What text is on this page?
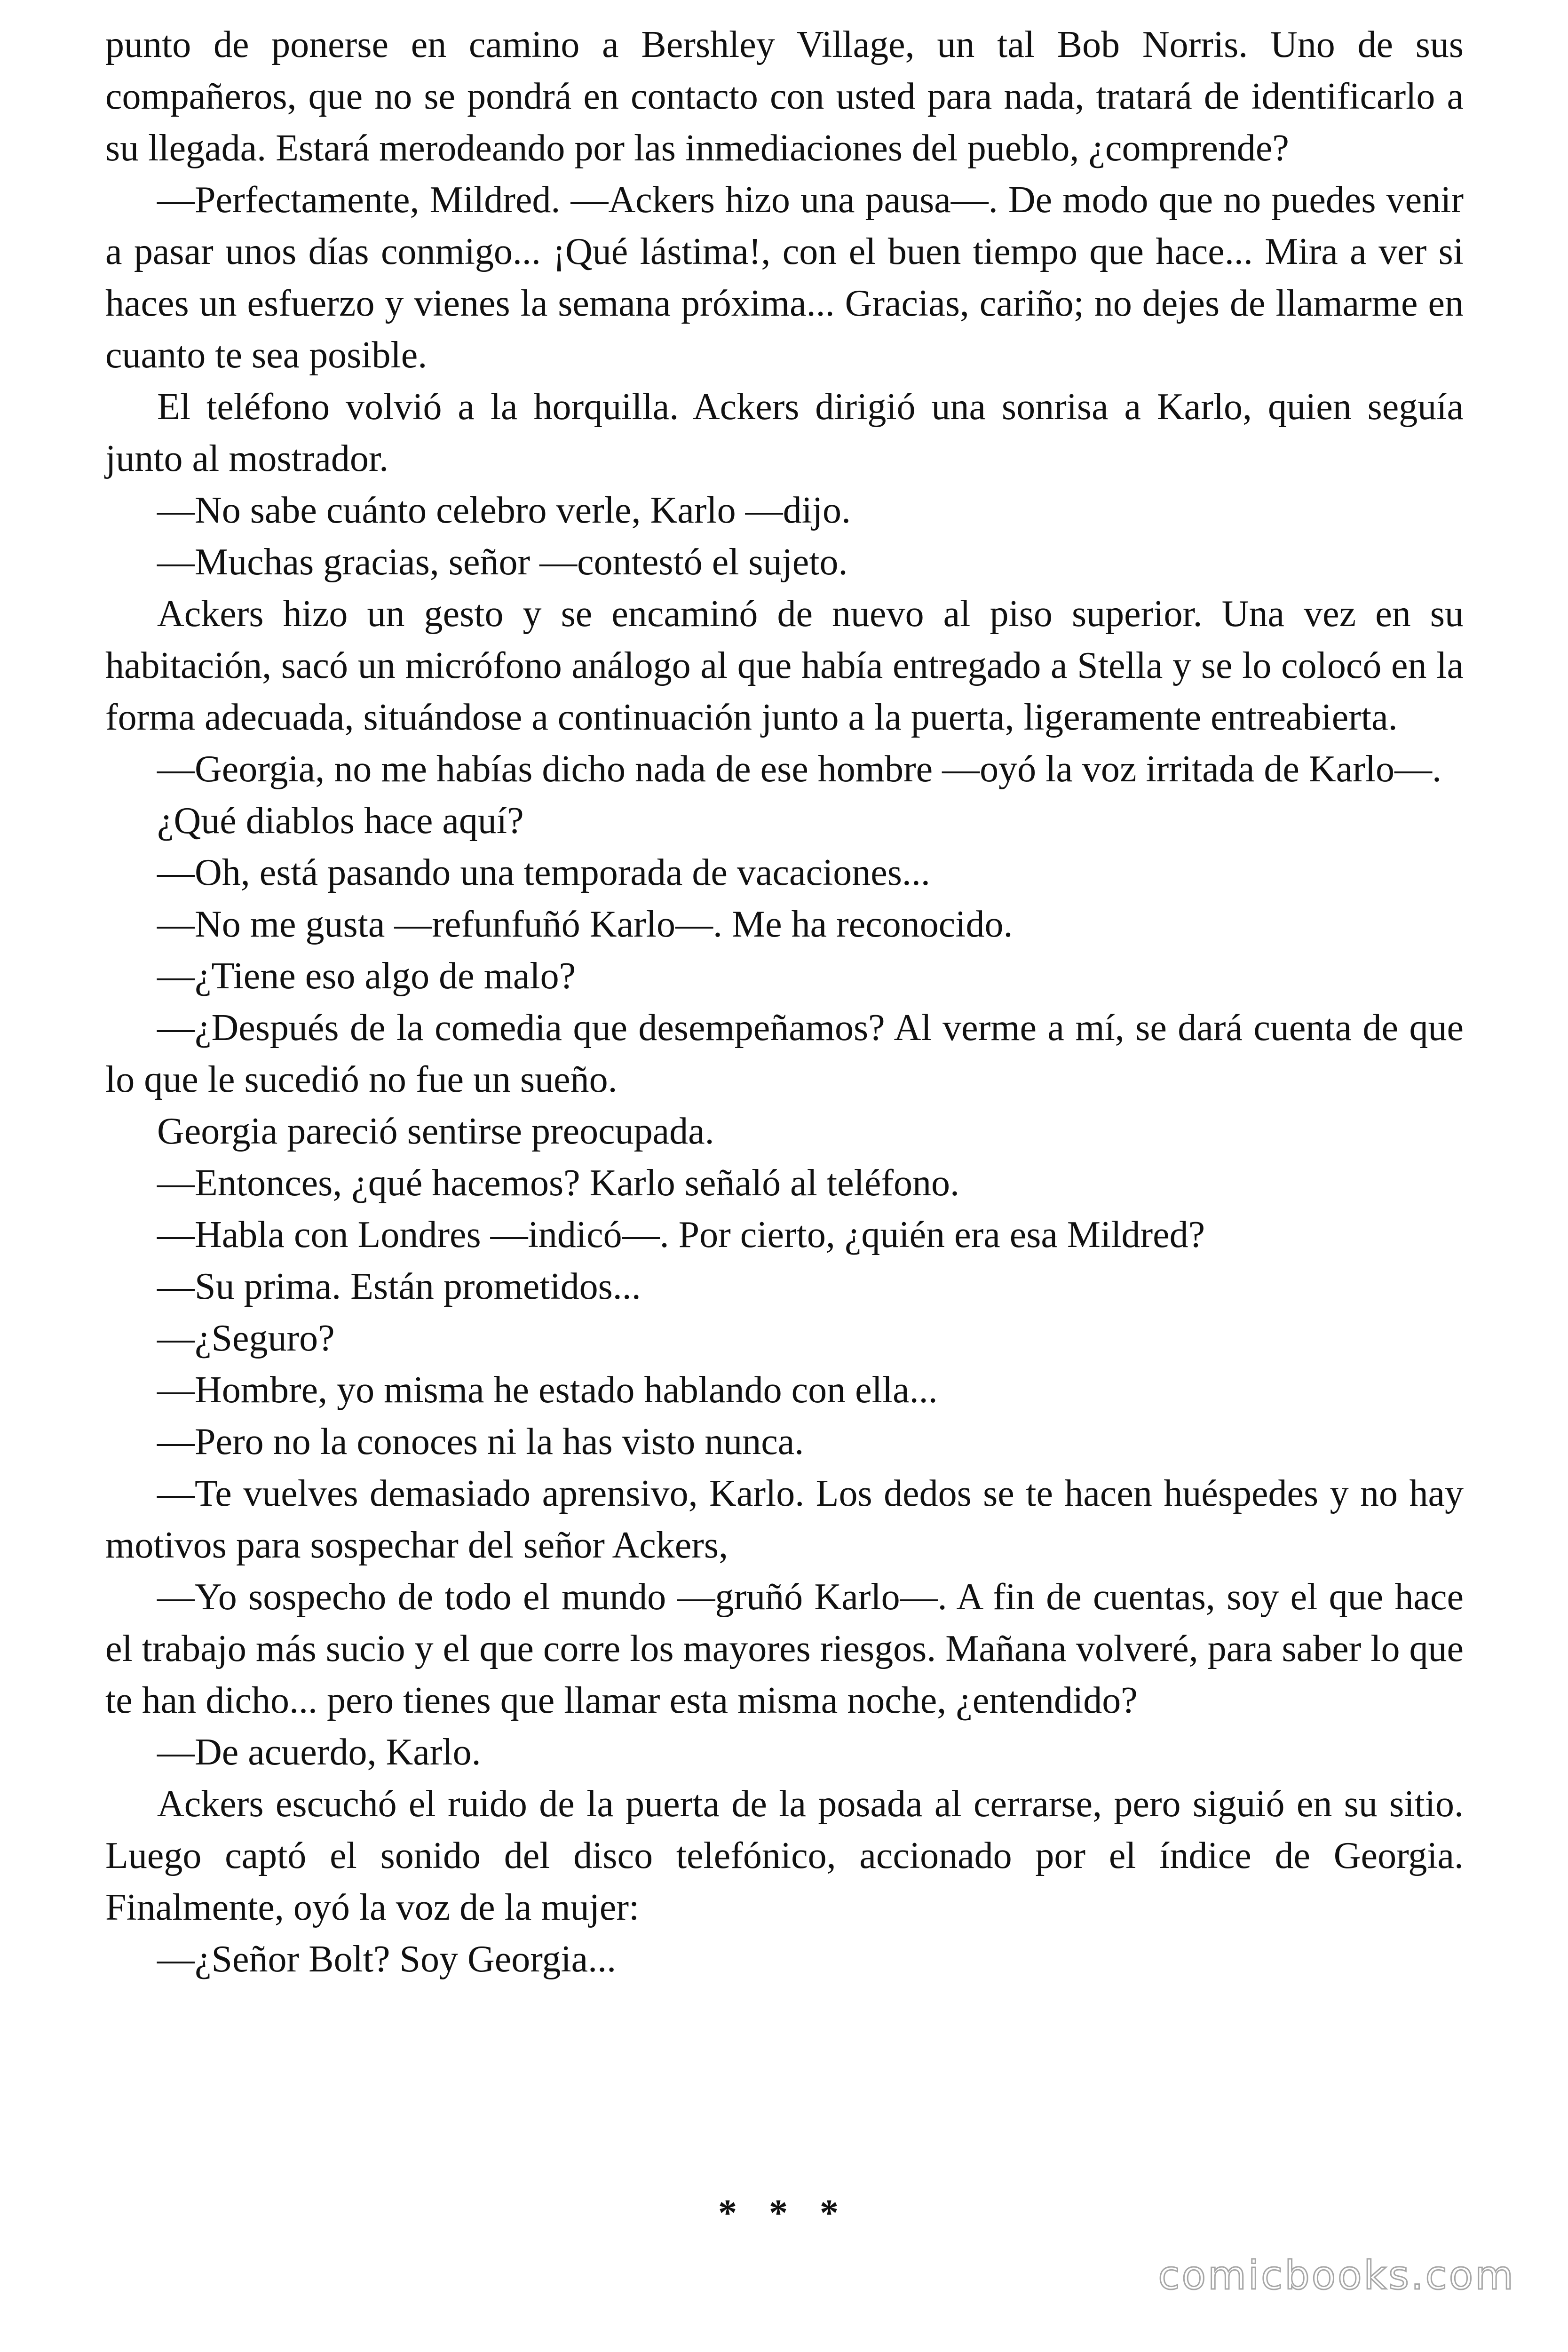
punto de ponerse en camino a Bershley Village, un tal Bob Norris. Uno de sus compañeros, que no se pondrá en contacto con usted para nada, tratará de identificarlo a su llegada. Estará merodeando por las inmediaciones del pueblo, ¿comprende?

—Perfectamente, Mildred. —Ackers hizo una pausa—. De modo que no puedes venir a pasar unos días conmigo... ¡Qué lástima!, con el buen tiempo que hace... Mira a ver si haces un esfuerzo y vienes la semana próxima... Gracias, cariño; no dejes de llamarme en cuanto te sea posible.

El teléfono volvió a la horquilla. Ackers dirigió una sonrisa a Karlo, quien seguía junto al mostrador.

—No sabe cuánto celebro verle, Karlo —dijo.

—Muchas gracias, señor —contestó el sujeto.

Ackers hizo un gesto y se encaminó de nuevo al piso superior. Una vez en su habitación, sacó un micrófono análogo al que había entregado a Stella y se lo colocó en la forma adecuada, situándose a continuación junto a la puerta, ligeramente entreabierta.

—Georgia, no me habías dicho nada de ese hombre —oyó la voz irritada de Karlo—.

¿Qué diablos hace aquí?

—Oh, está pasando una temporada de vacaciones...

—No me gusta —refunfuñó Karlo—. Me ha reconocido.

—¿Tiene eso algo de malo?

—¿Después de la comedia que desempeñamos? Al verme a mí, se dará cuenta de que lo que le sucedió no fue un sueño.

Georgia pareció sentirse preocupada.

—Entonces, ¿qué hacemos? Karlo señaló al teléfono.

—Habla con Londres —indicó—. Por cierto, ¿quién era esa Mildred?

—Su prima. Están prometidos...

—¿Seguro?

—Hombre, yo misma he estado hablando con ella...

—Pero no la conoces ni la has visto nunca.

—Te vuelves demasiado aprensivo, Karlo. Los dedos se te hacen huéspedes y no hay motivos para sospechar del señor Ackers,

—Yo sospecho de todo el mundo —gruñó Karlo—. A fin de cuentas, soy el que hace el trabajo más sucio y el que corre los mayores riesgos. Mañana volveré, para saber lo que te han dicho... pero tienes que llamar esta misma noche, ¿entendido?

—De acuerdo, Karlo.

Ackers escuchó el ruido de la puerta de la posada al cerrarse, pero siguió en su sitio. Luego captó el sonido del disco telefónico, accionado por el índice de Georgia. Finalmente, oyó la voz de la mujer:

—¿Señor Bolt? Soy Georgia...

* * *
comicbooks.com
